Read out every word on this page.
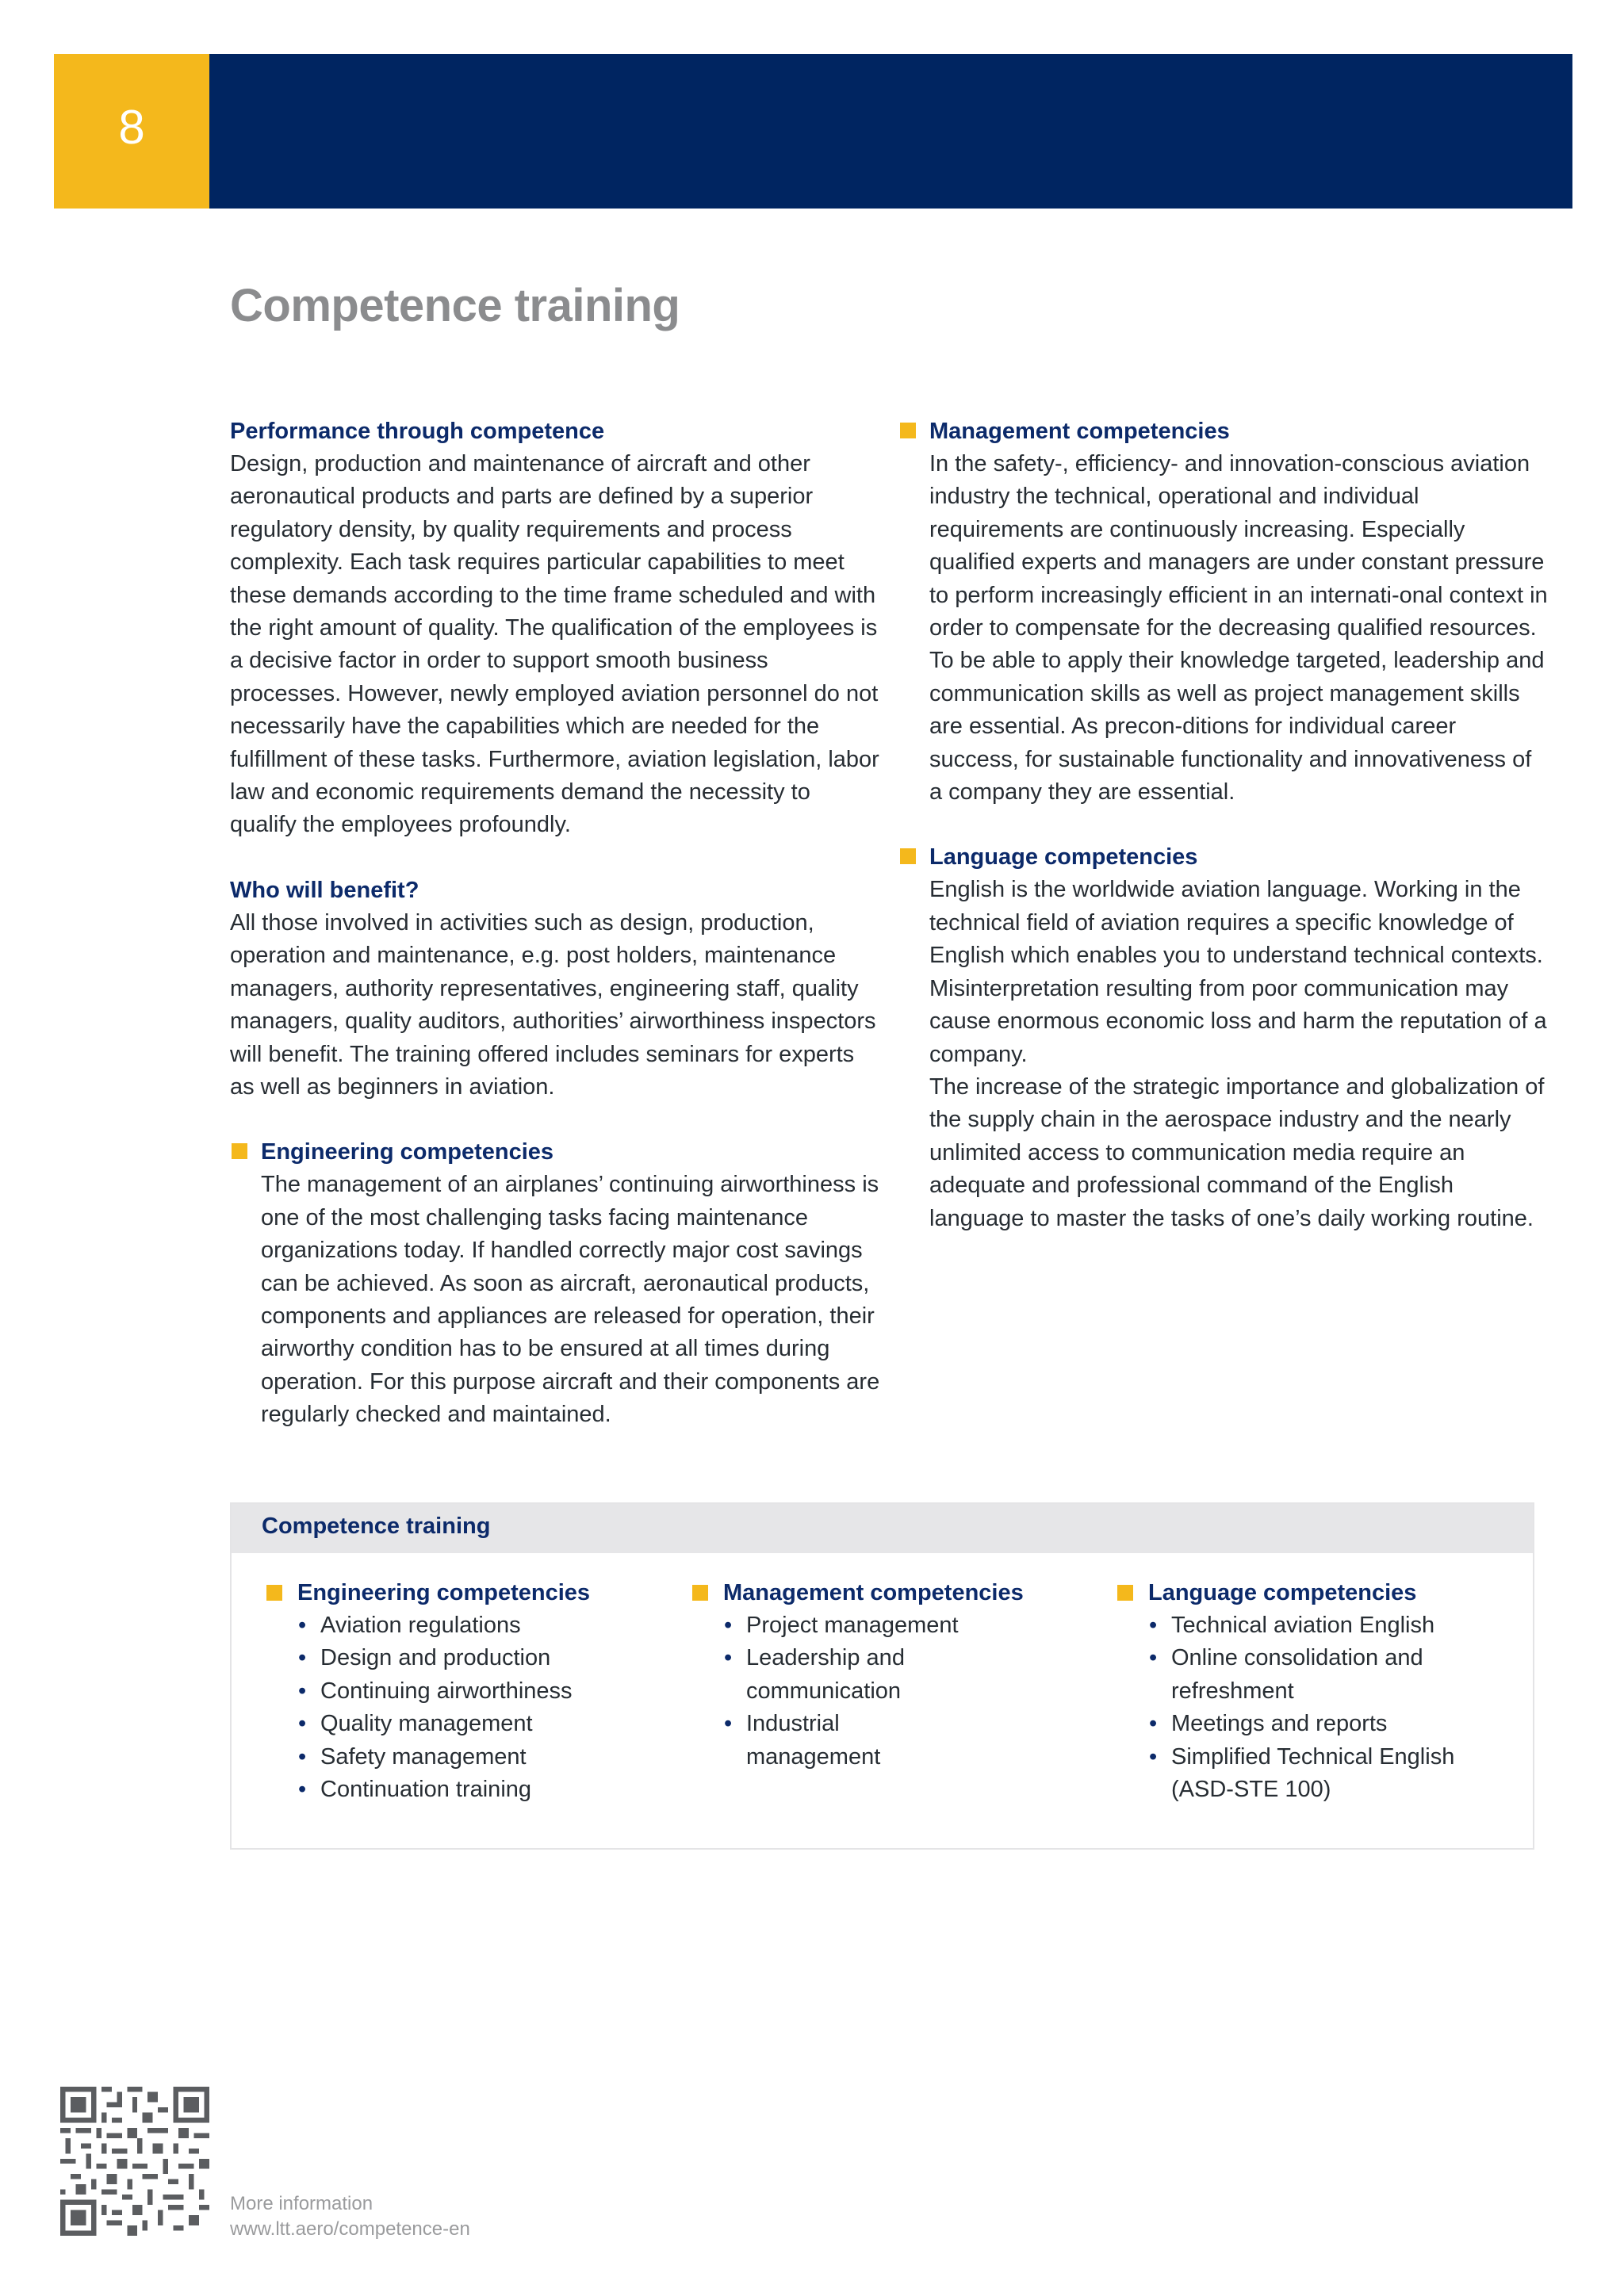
8
Competence training

Performance through competence

Design, production and maintenance of aircraft and other aeronautical products and parts are defined by a superior regulatory density, by quality requirements and process complexity. Each task requires particular capabilities to meet these demands according to the time frame scheduled and with the right amount of quality. The qualification of the employees is a decisive factor in order to support smooth business processes. However, newly employed aviation personnel do not necessarily have the capabilities which are needed for the fulfillment of these tasks. Furthermore, aviation legislation, labor law and economic requirements demand the necessity to qualify the employees profoundly.

Who will benefit?

All those involved in activities such as design, production, operation and maintenance, e.g. post holders, maintenance managers, authority representatives, engineering staff, quality managers, quality auditors, authorities’ airworthiness inspectors will benefit. The training offered includes seminars for experts as well as beginners in aviation.

Engineering competencies

The management of an airplanes’ continuing airworthiness is one of the most challenging tasks facing maintenance organizations today. If handled correctly major cost savings can be achieved. As soon as aircraft, aeronautical products, components and appliances are released for operation, their airworthy condition has to be ensured at all times during operation. For this purpose aircraft and their components are regularly checked and maintained.

Management competencies

In the safety-, efficiency- and innovation-conscious aviation industry the technical, operational and individual requirements are continuously increasing. Especially qualified experts and managers are under constant pressure to perform increasingly efficient in an internati-onal context in order to compensate for the decreasing qualified resources. To be able to apply their knowledge targeted, leadership and communication skills as well as project management skills are essential. As precon-ditions for individual career success, for sustainable functionality and innovativeness of a company they are essential.

Language competencies

English is the worldwide aviation language. Working in the technical field of aviation requires a specific knowledge of English which enables you to understand technical contexts. Misinterpretation resulting from poor communication may cause enormous economic loss and harm the reputation of a company.

The increase of the strategic importance and globalization of the supply chain in the aerospace industry and the nearly unlimited access to communication media require an adequate and professional command of the English language to master the tasks of one’s daily working routine.

Competence training

Engineering competencies

• Aviation regulations
• Design and production
• Continuing airworthiness
• Quality management
• Safety management
• Continuation training

Management competencies

• Project management
• Leadership and communication
• Industrial management

Language competencies

• Technical aviation English
• Online consolidation and refreshment
• Meetings and reports
• Simplified Technical English (ASD-STE 100)

More information

www.ltt.aero/competence-en
